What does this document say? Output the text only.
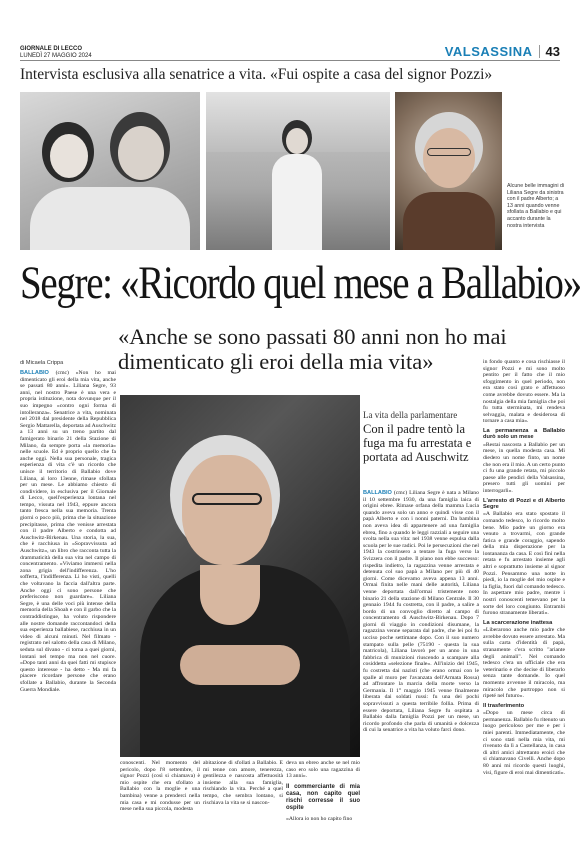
GIORNALE DI LECCO
LUNEDÌ 27 MAGGIO 2024	VALSASSINA 43
Intervista esclusiva alla senatrice a vita. «Fui ospite a casa del signor Pozzi»
Alcune belle immagini di Liliana Segre da sinistra con il padre Alberto; a 13 anni quando venne sfollata a Ballabio e qui accanto durante la nostra intervista
Segre: «Ricordo quel mese a Ballabio»
«Anche se sono passati 80 anni non ho mai dimenticato gli eroi della mia vita»
di Micaela Crippa
BALLABIO (cmc) «Non ho mai dimenticato gli eroi della mia vita, anche se passati 80 anni». Liliana Segre, 93 anni, nel nostro Paese è una vera e propria istituzione, nota dovunque per il suo impegno «contro ogni forma di intolleranza». Senatrice a vita, nominata nel 2018 dal presidente della Repubblica Sergio Mattarella, deportata ad Auschwitz a 13 anni su un treno partito dal famigerato binario 21 della Stazione di Milano, da sempre porta «la memoria» nelle scuole. Ed è proprio quello che fa anche oggi. Nella sua personale, tragica esperienza di vita c'è un ricordo che unisce il territorio di Ballabio dove Liliana, ai loro 13enne, rimase sfollata per un mese. Le abbiamo chiesto di condividere, in esclusiva per il Giornale di Lecco, quell'esperienza lontana nel tempo, vissuta nel 1943, eppure ancora tanto fresca nella sua memoria. Trenta giorni o poco più, prima che la situazione precipitasse, prima che venisse arrestata con il padre Alberto e condotta ad Auschwitz-Birkenau. Una storia, la sua, che è racchiusa in «Sopravvissuta ad Auschwitz», un libro che racconta tutta la drammaticità della sua vita nel campo di concentramento. «Viviamo immersi nella zona grigia dell'indifferenza. L'ho sofferta, l'indifferenza. Li ho visti, quelli che voltavano la faccia dall'altra parte. Anche oggi ci sono persone che preferiscono non guardare». Liliana Segre, è una delle voci più intense della memoria della Shoah e con il garbo che la contraddistingue, ha voluto rispondere alle nostre domande raccontandoci della sua esperienza ballabiese, racchiusa in un video di alcuni minuti. Nel filmato - registrato nel salotto della casa di Milano, seduta sul divano - ci torna a quei giorni, lontani nel tempo ma non nel cuore. «Dopo tanti anni da quei fatti mi stupisce questo interesse - ha detto - Ma mi fa piacere ricordare persone che erano sfollate a Ballabio, durante la Seconda Guerra Mondiale.
La vita della parlamentare
Con il padre tentò la fuga ma fu arrestata e portata ad Auschwitz
BALLABIO (cmc) Liliana Segre è nata a Milano il 10 settembre 1930, da una famiglia laica di origini ebree. Rimase orfana della mamma Lucia quando aveva solo un anno e quindi visse con il papà Alberto e con i nonni paterni. Da bambina non aveva idea di appartenere ad una famiglia ebrea, fino a quando le leggi razziali a seguire una svolta nella sua vita: nel 1938 venne espulsa dalla scuola per le sue radici. Poi le persecuzioni che nel 1943 la costrinsero a tentare la fuga verso la Svizzera con il padre. Il piano non ebbe successo: rispedita indietro, la ragazzina venne arrestata e detenuta col suo papà a Milano per più di 40 giorni. Come dicevamo aveva appena 13 anni. Ormai finita nelle mani delle autorità, Liliana venne deportata dall'ormai tristemente noto binario 21 della stazione di Milano Centrale. Il 30 gennaio 1944 fu costretta, con il padre, a salire a bordo di un convoglio diretto al campo di concentramento di Auschwitz-Birkenau. Dopo 7 giorni di viaggio in condizioni disumane, la ragazzina venne separata dal padre, che lei poi fu ucciso poche settimane dopo. Con il suo numero stampato sulla pelle (75190 - questa la sua matricola), Liliana lavorò per un anno in una fabbrica di munizioni riuscendo a scampare alla cosiddetta «selezione finale». All'inizio del 1945, fu costretta dai nazisti (che erano ormai con le spalle al muro per l'avanzata dell'Armata Rossa) ad affrontare la marcia della morte verso la Germania. Il 1° maggio 1945 venne finalmente liberata dai soldati russi: fu una dei pochi sopravvissuti a questa terribile follia. Prima di essere deportata, Liliana Segre fu ospitata a Ballabio dalla famiglia Pozzi per un mese, un ricordo profondo che parla di umanità e dolcezza di cui la senatrice a vita ha voluto farci dono.
conoscenti. Nel momento del pericolo, dopo l'8 settembre, il signor Pozzi (così si chiamava) è mio ospite che era sfollato a Ballabio con la moglie e una bambina) venne a prenderci nella mia casa e mi condusse per un mese nella sua piccola, modesta
abitazione di sfollati a Ballabio. E mi tenne con amore, tenerezza, gentilezza e nascosta affettuosità insieme alla sua famiglia, rischiando la vita. Perché a quel tempo, che sembra lontano, si rischiava la vita se si nascon-
deva un ebreo anche se nel mio caso ero solo una ragazzina di 13 anni».
Il commerciante di mia casa, non capito quel rischi corresse il suo ospite
«Allora io non ho capito fino
in fondo quanto e cosa rischiasse il signor Pozzi e mi sono molto pentito per il fatto che il mio sfoggimento in quel periodo, non era stato così grato e affettuoso come avrebbe dovuto essere. Ma la nostalgia della mia famiglia che poi fu tutta sterminata, mi rendeva selvaggia, malata e desiderosa di tornare a casa mia».
La permanenza a Ballabio durò solo un mese
«Restai nascosta a Ballabio per un mese, in quella modesta casa. Mi diedero un nome finto, un nome che non era il mio. A un certo punto ci fu una grande retata, mi piccolo paese alle pendici della Valsassina, presero tutti gli uomini per interrogarli».
L'arresto di Pozzi e di Alberto Segre
«A Ballabio era stato spostato il comando tedesco, lo ricordo molto bene. Mio padre un giorno era venuto a trovarmi, con grande fatica e grande coraggio, sapendo della mia disperazione per la lontananza da casa. E così finì nella retata e fu arrestato insieme agli altri e soprattutto insieme al signor Pozzi. Pensammo una notte in piedi, io la moglie del mio ospite e la figlia, fuori dal comando tedesco. In aspettare mio padre, mentre i nostri conoscenti temevano per la sorte del loro congiunto. Entrambi furono stranamente liberati».
La scarcerazione inattesa
«Liberarono anche mio padre che avrebbe dovuto essere arrestato. Ma sulla carta d'identità di papà, stranamente c'era scritto "ariante degli animali". Nel comando tedesco c'era un ufficiale che era veterinario e che decise di liberarlo senza tante domande. Io quel momento avvenne il miracolo, ma miracolo che purtroppo non si ripeté nel futuro».
Il trasferimento
«Dopo un mese circa di permanenza. Ballabio fu ritenuto un luogo pericoloso per me e per i miei parenti. Immediatamente, che ci sono stati nella mia vita, mi rivenuto da lì a Castellanza, in casa di altri amici altrettanto eroici che si chiamavano Civelli. Anche dopo 80 anni mi ricordo questi luoghi, visi, figure di eroi mai dimenticati».
